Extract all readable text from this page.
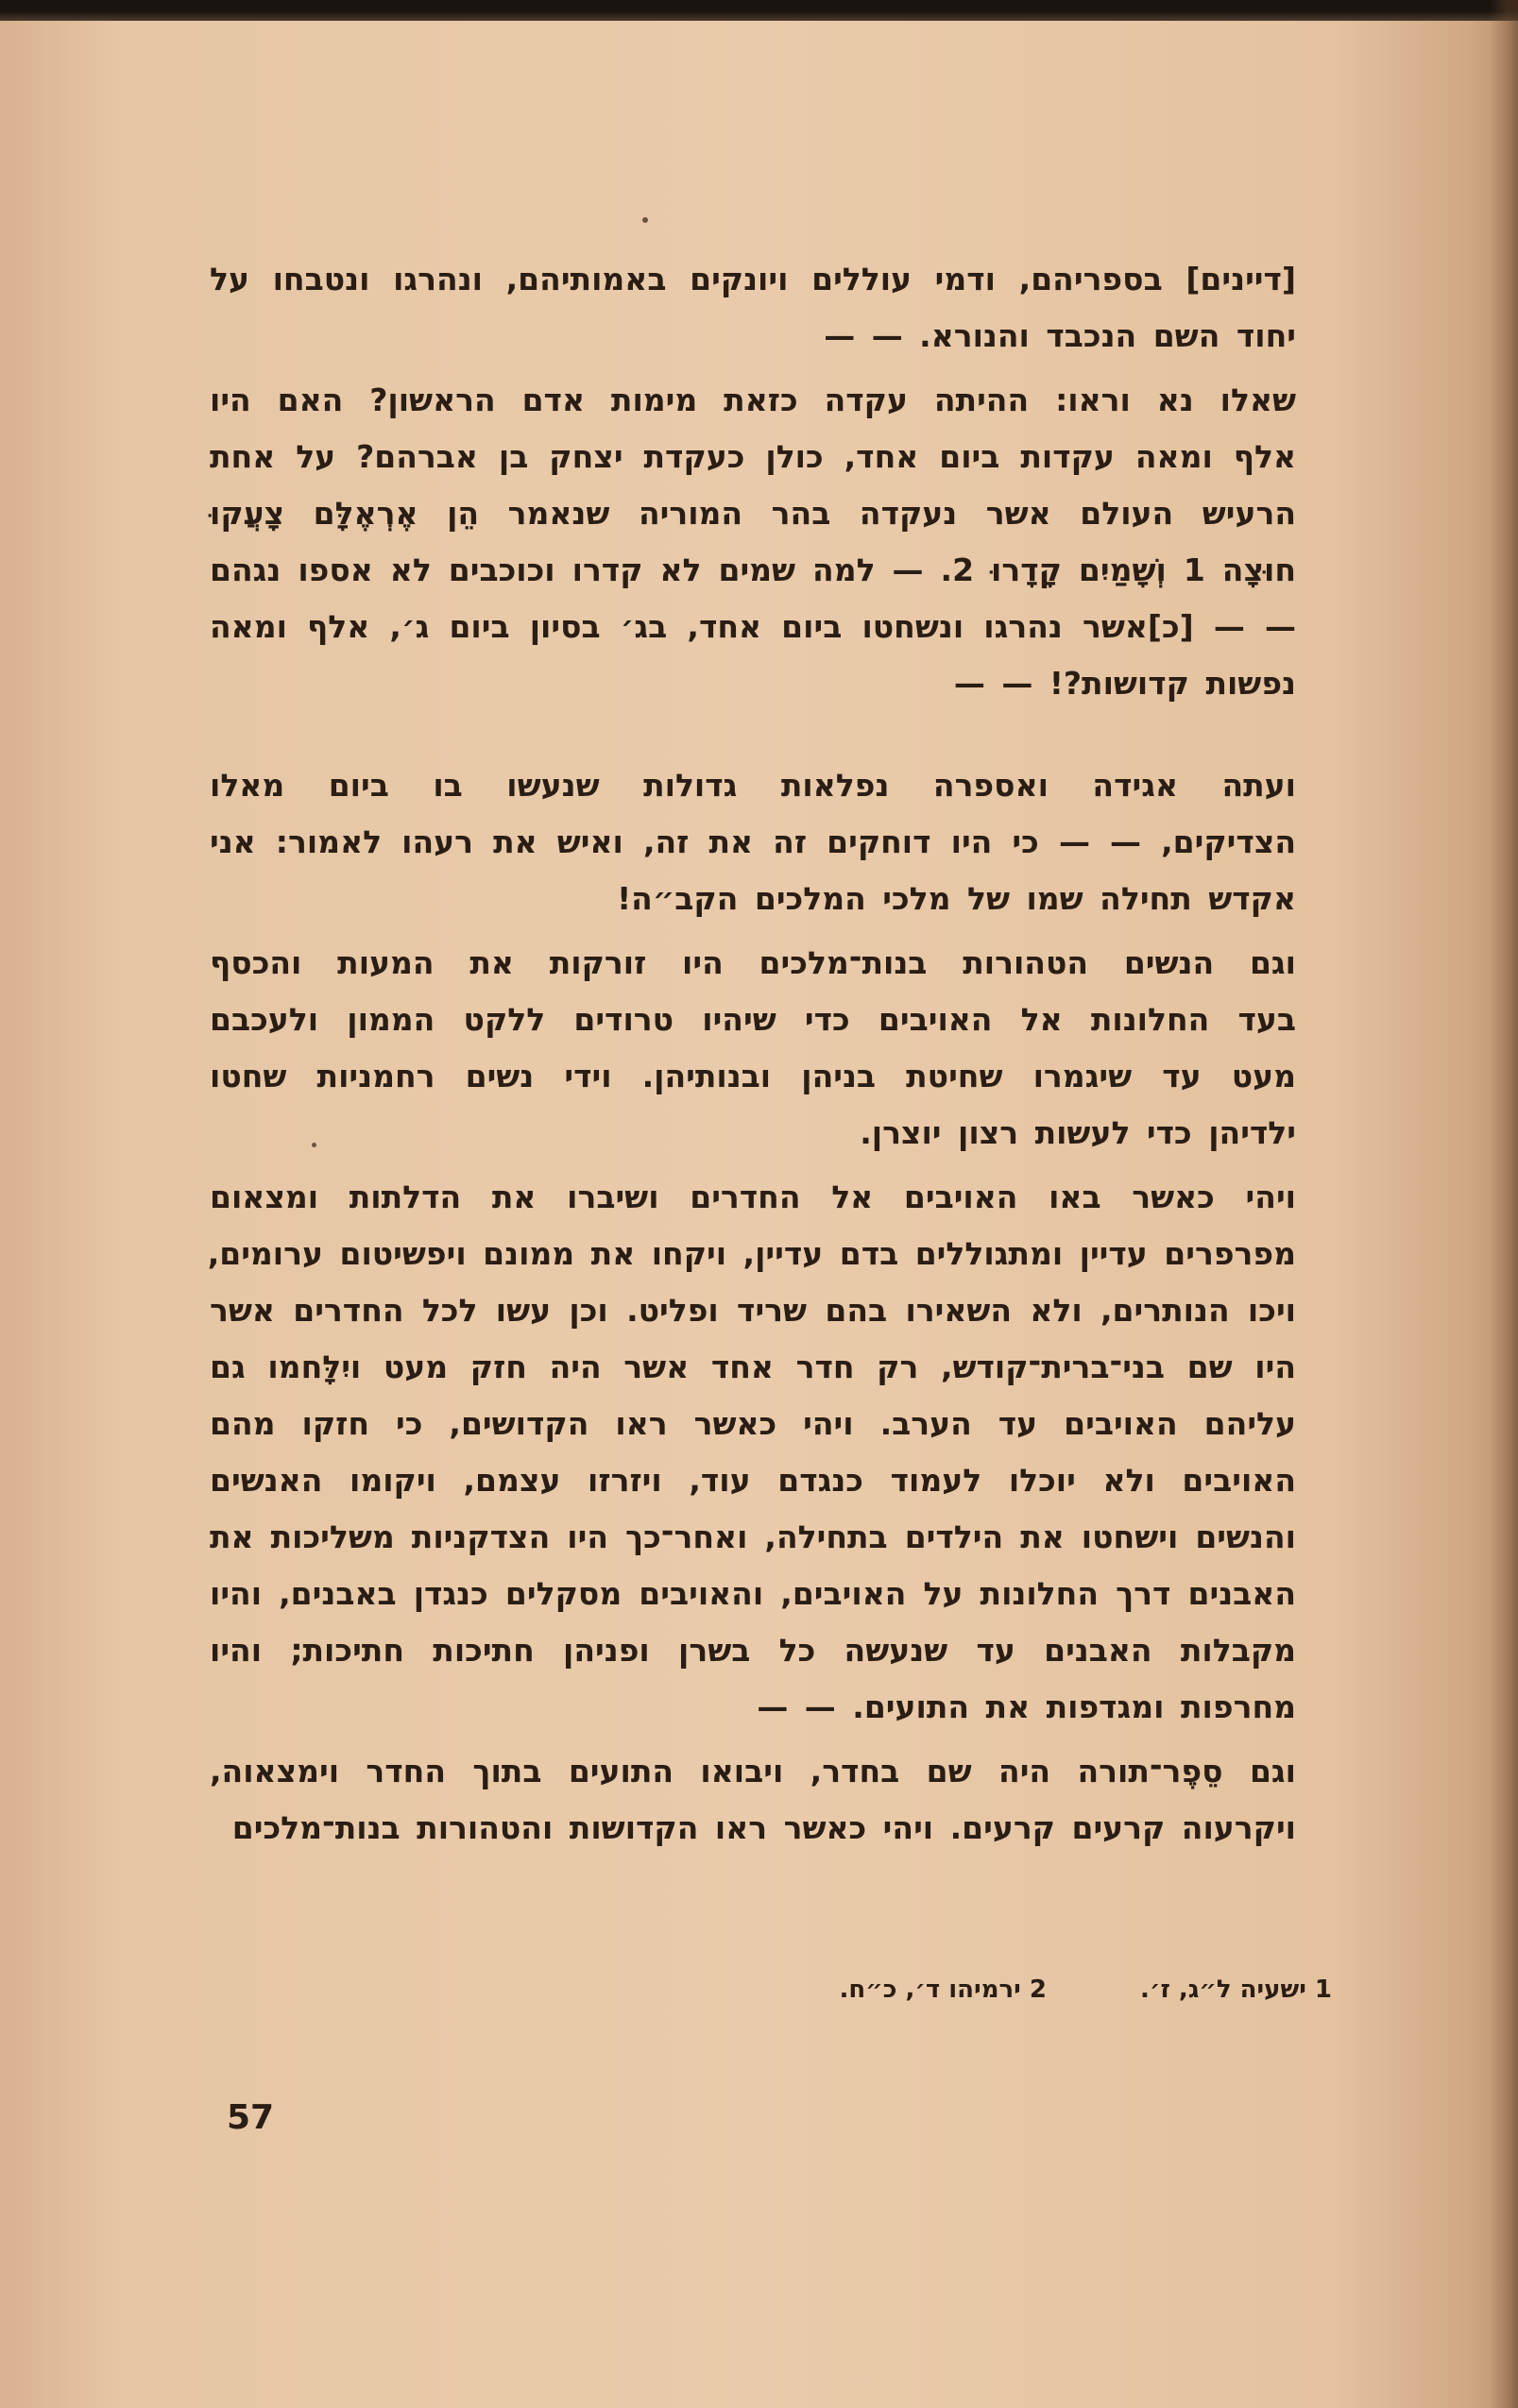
[דיינים] בספריהם, ודמי עוללים ויונקים באמותיהם, ונהרגו ונטבחו על
יחוד השם הנכבד והנורא. — —
שאלו נא וראו: ההיתה עקדה כזאת מימות אדם הראשון? האם היו
אלף ומאה עקדות ביום אחד, כולן כעקדת יצחק בן אברהם? על אחת
הרעיש העולם אשר נעקדה בהר המוריה שנאמר הֵן אֶרְאֶלָּם צָעֲקוּ
חוּצָה 1 וְשָׁמַיִם קָדָרוּ 2. — למה שמים לא קדרו וכוכבים לא אספו נגהם
— — [כ]אשר נהרגו ונשחטו ביום אחד, בג׳ בסיון ביום ג׳, אלף ומאה
נפשות קדושות?! — —
ועתה אגידה ואספרה נפלאות גדולות שנעשו בו ביום מאלו
הצדיקים, — — כי היו דוחקים זה את זה, ואיש את רעהו לאמור: אני
אקדש תחילה שמו של מלכי המלכים הקב״ה!
וגם הנשים הטהורות בנות־מלכים היו זורקות את המעות והכסף
בעד החלונות אל האויבים כדי שיהיו טרודים ללקט הממון ולעכבם
מעט עד שיגמרו שחיטת בניהן ובנותיהן. וידי נשים רחמניות שחטו
ילדיהן כדי לעשות רצון יוצרן.
ויהי כאשר באו האויבים אל החדרים ושיברו את הדלתות ומצאום
מפרפרים עדיין ומתגוללים בדם עדיין, ויקחו את ממונם ויפשיטום ערומים,
ויכו הנותרים, ולא השאירו בהם שריד ופליט. וכן עשו לכל החדרים אשר
היו שם בני־ברית־קודש, רק חדר אחד אשר היה חזק מעט ויִלָּחמו גם
עליהם האויבים עד הערב. ויהי כאשר ראו הקדושים, כי חזקו מהם
האויבים ולא יוכלו לעמוד כנגדם עוד, ויזרזו עצמם, ויקומו האנשים
והנשים וישחטו את הילדים בתחילה, ואחר־כך היו הצדקניות משליכות את
האבנים דרך החלונות על האויבים, והאויבים מסקלים כנגדן באבנים, והיו
מקבלות האבנים עד שנעשה כל בשרן ופניהן חתיכות חתיכות; והיו
מחרפות ומגדפות את התועים. — —
וגם סֵפֶר־תורה היה שם בחדר, ויבואו התועים בתוך החדר וימצאוה,
ויקרעוה קרעים קרעים. ויהי כאשר ראו הקדושות והטהורות בנות־מלכים
1 ישעיה ל״ג, ז׳. 2 ירמיהו ד׳, כ״ח.
57
